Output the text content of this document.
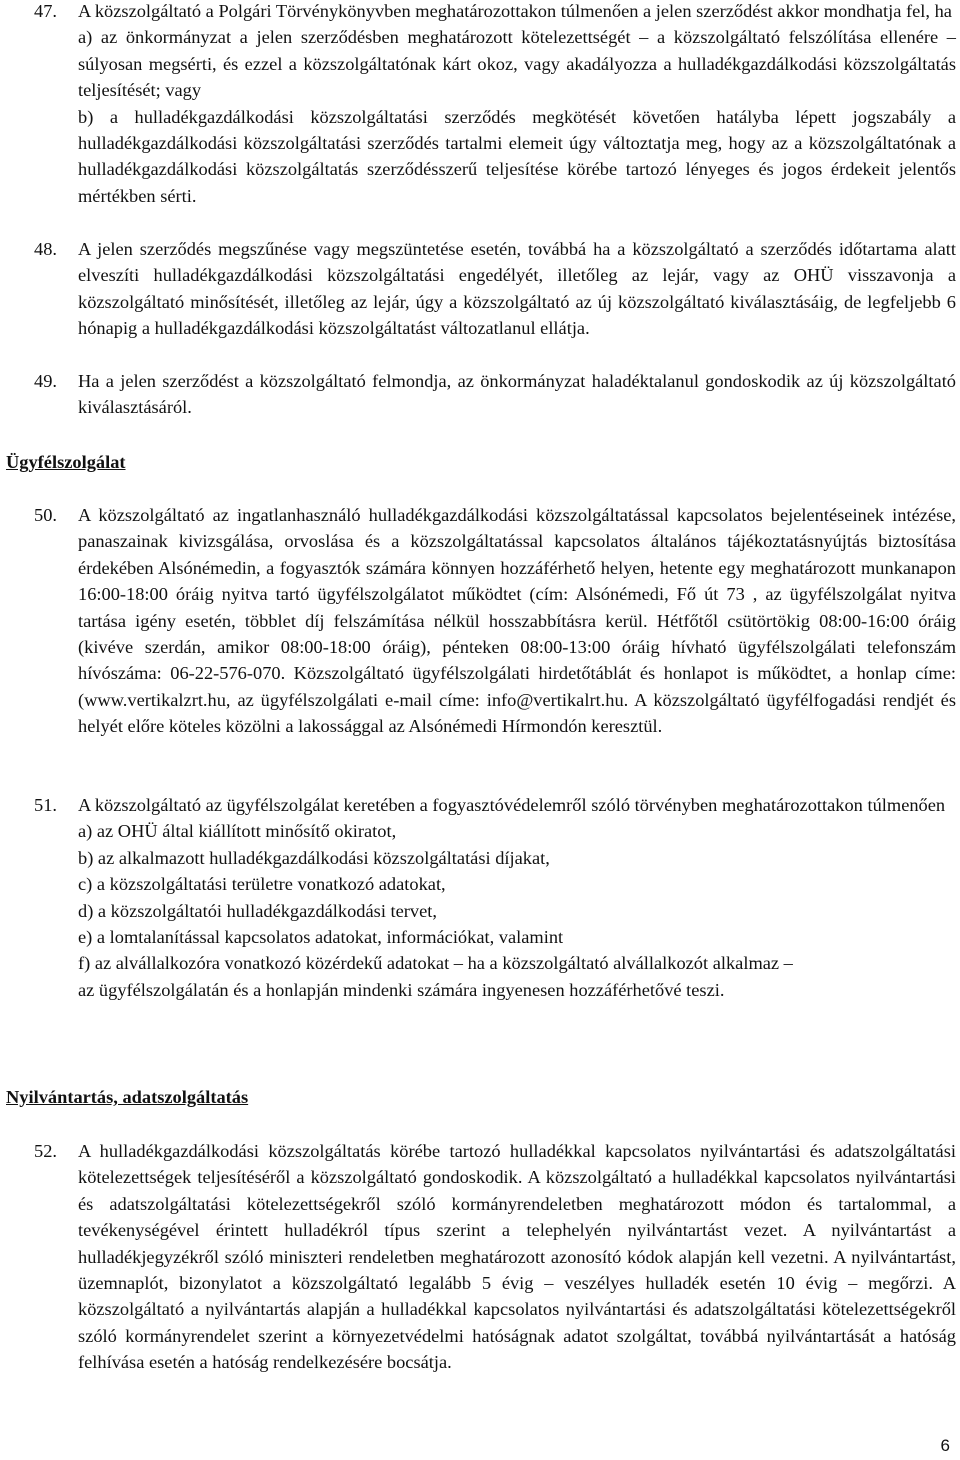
47. A közszolgáltató a Polgári Törvénykönyvben meghatározottakon túlmenően a jelen szerződést akkor mondhatja fel, ha

a) az önkormányzat a jelen szerződésben meghatározott kötelezettségét – a közszolgáltató felszólítása ellenére – súlyosan megsérti, és ezzel a közszolgáltatónak kárt okoz, vagy akadályozza a hulladékgazdálkodási közszolgáltatás teljesítését; vagy

b) a hulladékgazdálkodási közszolgáltatási szerződés megkötését követően hatályba lépett jogszabály a hulladékgazdálkodási közszolgáltatási szerződés tartalmi elemeit úgy változtatja meg, hogy az a közszolgáltatónak a hulladékgazdálkodási közszolgáltatás szerződésszerű teljesítése körébe tartozó lényeges és jogos érdekeit jelentős mértékben sérti.

48. A jelen szerződés megszűnése vagy megszüntetése esetén, továbbá ha a közszolgáltató a szerződés időtartama alatt elveszíti hulladékgazdálkodási közszolgáltatási engedélyét, illetőleg az lejár, vagy az OHÜ visszavonja a közszolgáltató minősítését, illetőleg az lejár, úgy a közszolgáltató az új közszolgáltató kiválasztásáig, de legfeljebb 6 hónapig a hulladékgazdálkodási közszolgáltatást változatlanul ellátja.

49. Ha a jelen szerződést a közszolgáltató felmondja, az önkormányzat haladéktalanul gondoskodik az új közszolgáltató kiválasztásáról.

Ügyfélszolgálat
50. A közszolgáltató az ingatlanhasználó hulladékgazdálkodási közszolgáltatással kapcsolatos bejelentéseinek intézése, panaszainak kivizsgálása, orvoslása és a közszolgáltatással kapcsolatos általános tájékoztatásnyújtás biztosítása érdekében Alsónémedin, a fogyasztók számára könnyen hozzáférhető helyen, hetente egy meghatározott munkanapon 16:00-18:00 óráig nyitva tartó ügyfélszolgálatot működtet (cím: Alsónémedi, Fő út 73 , az ügyfélszolgálat nyitva tartása igény esetén, többlet díj felszámítása nélkül hosszabbításra kerül. Hétfőtől csütörtökig 08:00-16:00 óráig (kivéve szerdán, amikor 08:00-18:00 óráig), pénteken 08:00-13:00 óráig hívható ügyfélszolgálati telefonszám hívószáma: 06-22-576-070. Közszolgáltató ügyfélszolgálati hirdetőtáblát és honlapot is működtet, a honlap címe: (www.vertikalzrt.hu, az ügyfélszolgálati e-mail címe: info@vertikalrt.hu. A közszolgáltató ügyfélfogadási rendjét és helyét előre köteles közölni a lakossággal az Alsónémedi Hírmondón keresztül.

51. A közszolgáltató az ügyfélszolgálat keretében a fogyasztóvédelemről szóló törvényben meghatározottakon túlmenően

a) az OHÜ által kiállított minősítő okiratot,

b) az alkalmazott hulladékgazdálkodási közszolgáltatási díjakat,

c) a közszolgáltatási területre vonatkozó adatokat,

d) a közszolgáltatói hulladékgazdálkodási tervet,

e) a lomtalanítással kapcsolatos adatokat, információkat, valamint

f) az alvállalkozóra vonatkozó közérdekű adatokat – ha a közszolgáltató alvállalkozót alkalmaz –

az ügyfélszolgálatán és a honlapján mindenki számára ingyenesen hozzáférhetővé teszi.

Nyilvántartás, adatszolgáltatás
52. A hulladékgazdálkodási közszolgáltatás körébe tartozó hulladékkal kapcsolatos nyilvántartási és adatszolgáltatási kötelezettségek teljesítéséről a közszolgáltató gondoskodik. A közszolgáltató a hulladékkal kapcsolatos nyilvántartási és adatszolgáltatási kötelezettségekről szóló kormányrendeletben meghatározott módon és tartalommal, a tevékenységével érintett hulladékról típus szerint a telephelyén nyilvántartást vezet. A nyilvántartást a hulladékjegyzékről szóló miniszteri rendeletben meghatározott azonosító kódok alapján kell vezetni. A nyilvántartást, üzemnaplót, bizonylatot a közszolgáltató legalább 5 évig – veszélyes hulladék esetén 10 évig – megőrzi. A közszolgáltató a nyilvántartás alapján a hulladékkal kapcsolatos nyilvántartási és adatszolgáltatási kötelezettségekről szóló kormányrendelet szerint a környezetvédelmi hatóságnak adatot szolgáltat, továbbá nyilvántartását a hatóság felhívása esetén a hatóság rendelkezésére bocsátja.

6
